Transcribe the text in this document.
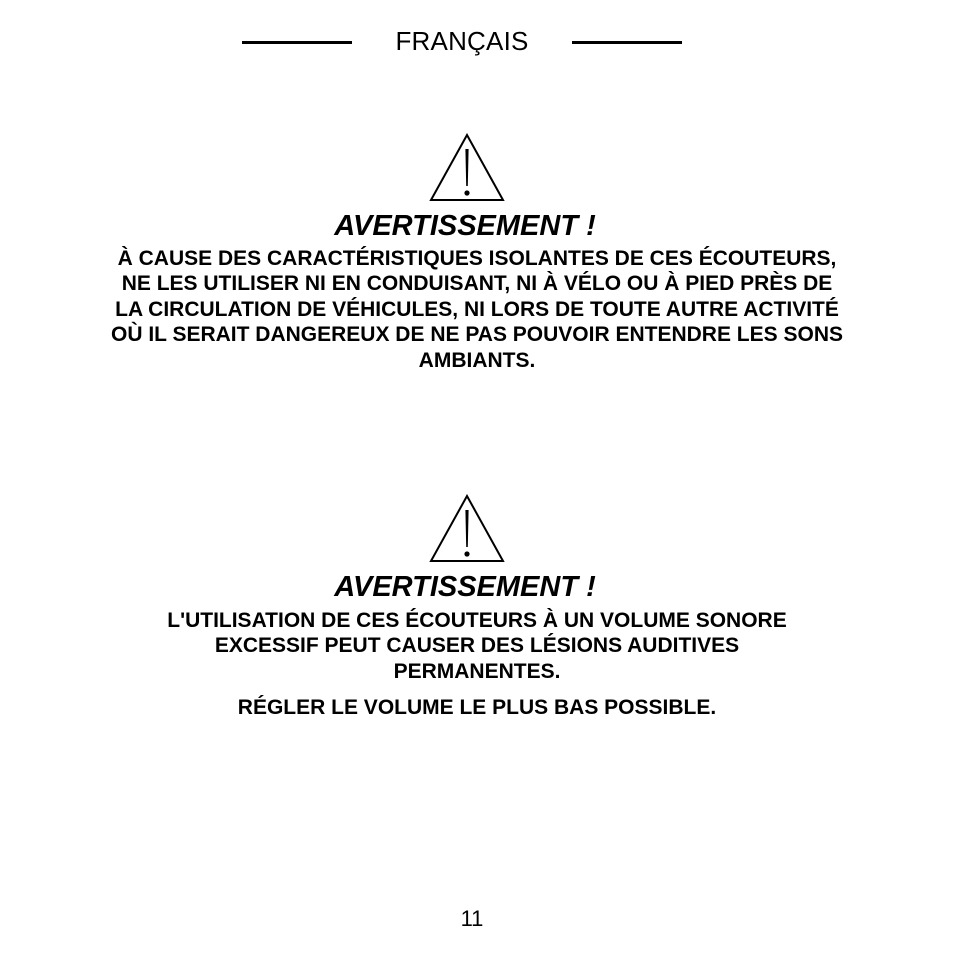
FRANÇAIS
AVERTISSEMENT !
À CAUSE DES CARACTÉRISTIQUES ISOLANTES DE CES ÉCOUTEURS, NE LES UTILISER NI EN CONDUISANT, NI À VÉLO OU À PIED PRÈS DE LA CIRCULATION DE VÉHICULES, NI LORS DE TOUTE AUTRE ACTIVITÉ OÙ IL SERAIT DANGEREUX DE NE PAS POUVOIR ENTENDRE LES SONS AMBIANTS.
AVERTISSEMENT !
L'UTILISATION DE CES ÉCOUTEURS À UN VOLUME SONORE EXCESSIF PEUT CAUSER DES LÉSIONS AUDITIVES PERMANENTES.
RÉGLER LE VOLUME LE PLUS BAS POSSIBLE.
11
